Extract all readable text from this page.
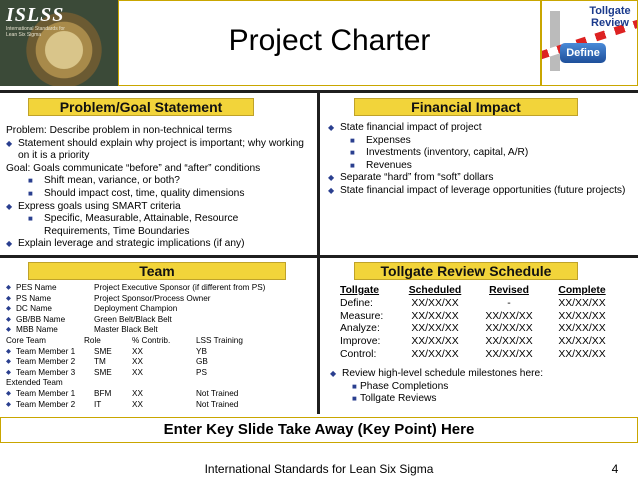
ISLSS
International Standards for Lean Six Sigma	Project Charter
Tollgate
Review
Define
Problem/Goal Statement
Problem: Describe problem in non-technical terms
◆ Statement should explain why project is important; why working on it is a priority
Goal: Goals communicate “before” and “after” conditions
■ Shift mean, variance, or both?
■ Should impact cost, time, quality dimensions
◆ Express goals using SMART criteria
■ Specific, Measurable, Attainable, Resource Requirements, Time Boundaries
◆ Explain leverage and strategic implications (if any)
Financial Impact
◆ State financial impact of project
■ Expenses
■ Investments (inventory, capital, A/R)
■ Revenues
◆ Separate “hard” from “soft” dollars
◆ State financial impact of leverage opportunities (future projects)
Team
◆ PES Name	Project Executive Sponsor (if different from PS)
◆ PS Name	Project Sponsor/Process Owner
◆ DC Name	Deployment Champion
◆ GB/BB Name	Green Belt/Black Belt
◆ MBB Name	Master Black Belt
Core Team	Role	% Contrib.	LSS Training
◆ Team Member 1	SME	XX	YB
◆ Team Member 2	TM	XX	GB
◆ Team Member 3	SME	XX	PS
Extended Team
◆ Team Member 1	BFM	XX	Not Trained
◆ Team Member 2	IT	XX	Not Trained
Tollgate Review Schedule
Tollgate	Scheduled	Revised	Complete
Define:	XX/XX/XX	-	XX/XX/XX
Measure:	XX/XX/XX	XX/XX/XX	XX/XX/XX
Analyze:	XX/XX/XX	XX/XX/XX	XX/XX/XX
Improve:	XX/XX/XX	XX/XX/XX	XX/XX/XX
Control:	XX/XX/XX	XX/XX/XX	XX/XX/XX
◆ Review high-level schedule milestones here:
■ Phase Completions
■ Tollgate Reviews
Enter Key Slide Take Away (Key Point) Here
International Standards for Lean Six Sigma	4
